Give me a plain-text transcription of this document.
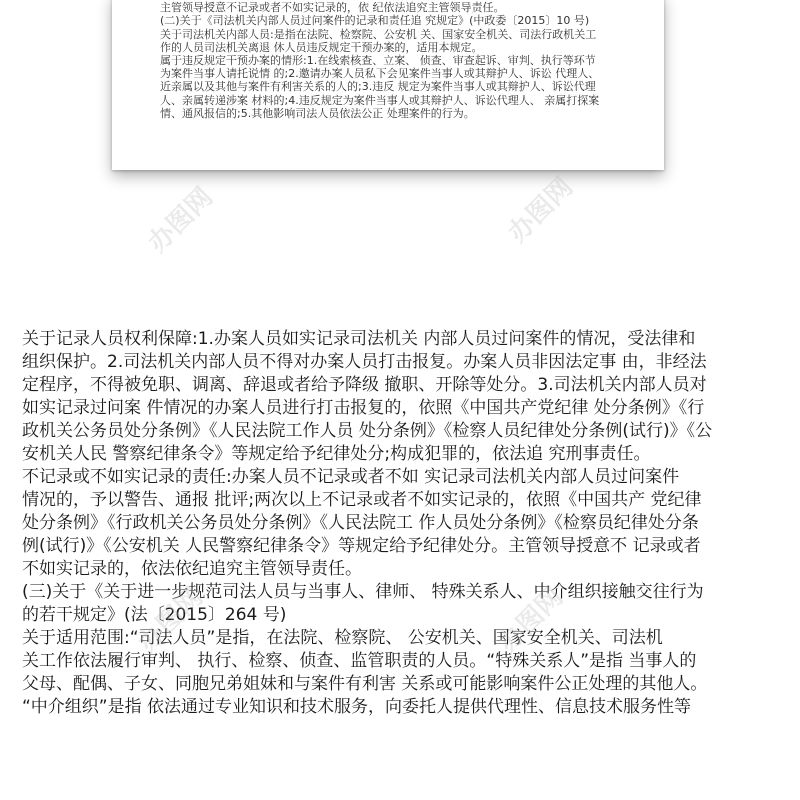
主管领导授意不记录或者不如实记录的，依 纪依法追究主管领导责任。
(二)关于《司法机关内部人员过问案件的记录和责任追 究规定》(中政委〔2015〕10 号)
关于司法机关内部人员:是指在法院、检察院、公安机 关、国家安全机关、司法行政机关工
作的人员司法机关离退 休人员违反规定干预办案的，适用本规定。
属于违反规定干预办案的情形:1.在线索核查、立案、 侦查、审查起诉、审判、执行等环节
为案件当事人请托说情 的;2.邀请办案人员私下会见案件当事人或其辩护人、诉讼 代理人、
近亲属以及其他与案件有利害关系的人的;3.违反 规定为案件当事人或其辩护人、诉讼代理
人、亲属转递涉案 材料的;4.违反规定为案件当事人或其辩护人、诉讼代理人、 亲属打探案
情、通风报信的;5.其他影响司法人员依法公正 处理案件的行为。
关于记录人员权利保障:1.办案人员如实记录司法机关 内部人员过问案件的情况，受法律和
组织保护。2.司法机关内部人员不得对办案人员打击报复。办案人员非因法定事 由，非经法
定程序，不得被免职、调离、辞退或者给予降级 撤职、开除等处分。3.司法机关内部人员对
如实记录过问案 件情况的办案人员进行打击报复的，依照《中国共产党纪律 处分条例》《行
政机关公务员处分条例》《人民法院工作人员 处分条例》《检察人员纪律处分条例(试行)》《公
安机关人民 警察纪律条令》等规定给予纪律处分;构成犯罪的，依法追 究刑事责任。
不记录或不如实记录的责任:办案人员不记录或者不如 实记录司法机关内部人员过问案件
情况的，予以警告、通报 批评;两次以上不记录或者不如实记录的，依照《中国共产 党纪律
处分条例》《行政机关公务员处分条例》《人民法院工 作人员处分条例》《检察员纪律处分条
例(试行)》《公安机关 人民警察纪律条令》等规定给予纪律处分。主管领导授意不 记录或者
不如实记录的，依法依纪追究主管领导责任。
(三)关于《关于进一步规范司法人员与当事人、律师、 特殊关系人、中介组织接触交往行为
的若干规定》(法〔2015〕264 号)
关于适用范围:“司法人员”是指，在法院、检察院、 公安机关、国家安全机关、司法机
关工作依法履行审判、 执行、检察、侦查、监管职责的人员。“特殊关系人”是指 当事人的
父母、配偶、子女、同胞兄弟姐妹和与案件有利害 关系或可能影响案件公正处理的其他人。
“中介组织”是指 依法通过专业知识和技术服务，向委托人提供代理性、信息技术服务性等
办图网	办图网
办图网	办图网
